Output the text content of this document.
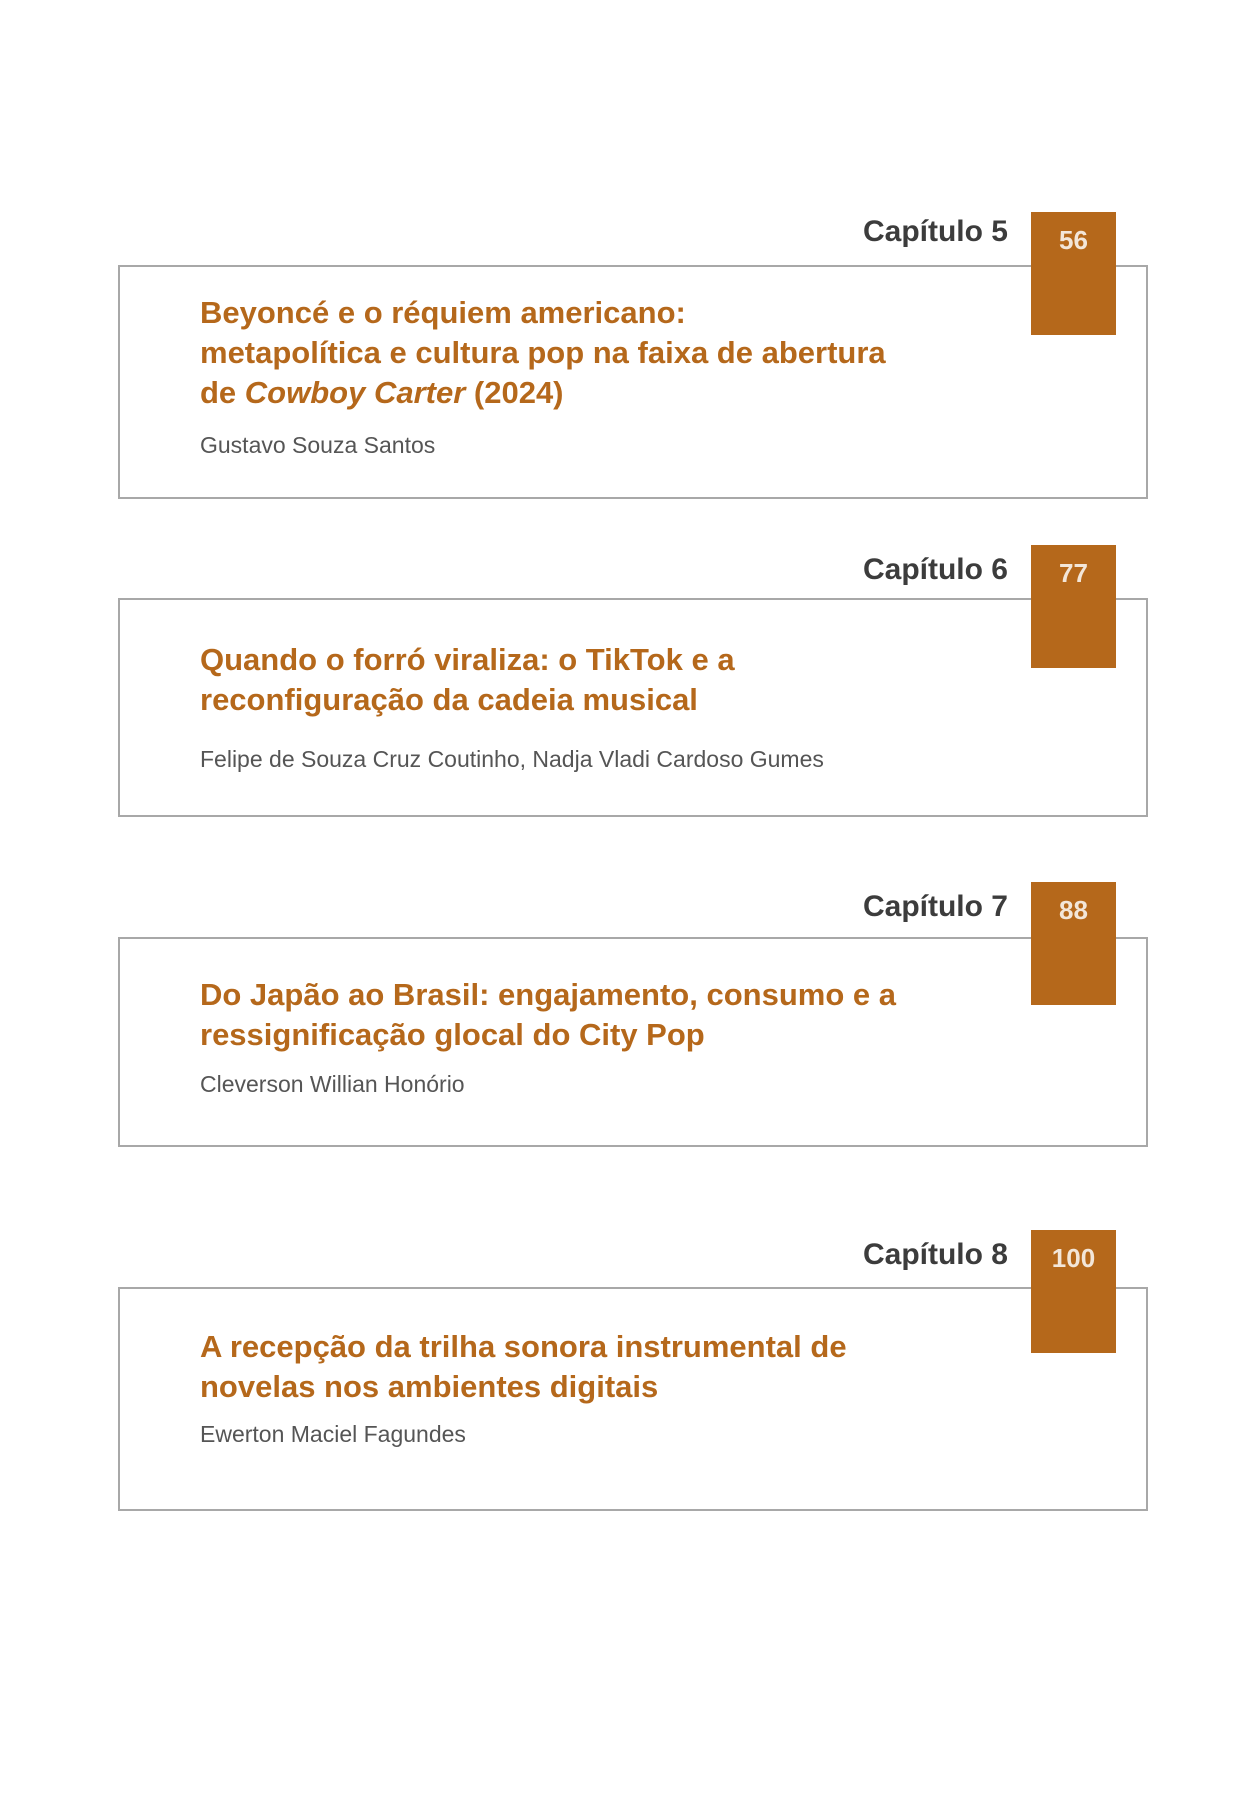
Capítulo 5	56
Beyoncé e o réquiem americano:
metapolítica e cultura pop na faixa de abertura
de Cowboy Carter (2024)
Gustavo Souza Santos
Capítulo 6	77
Quando o forró viraliza: o TikTok e a
reconfiguração da cadeia musical
Felipe de Souza Cruz Coutinho, Nadja Vladi Cardoso Gumes
Capítulo 7	88
Do Japão ao Brasil: engajamento, consumo e a
ressignificação glocal do City Pop
Cleverson Willian Honório
Capítulo 8	100
A recepção da trilha sonora instrumental de
novelas nos ambientes digitais
Ewerton Maciel Fagundes
